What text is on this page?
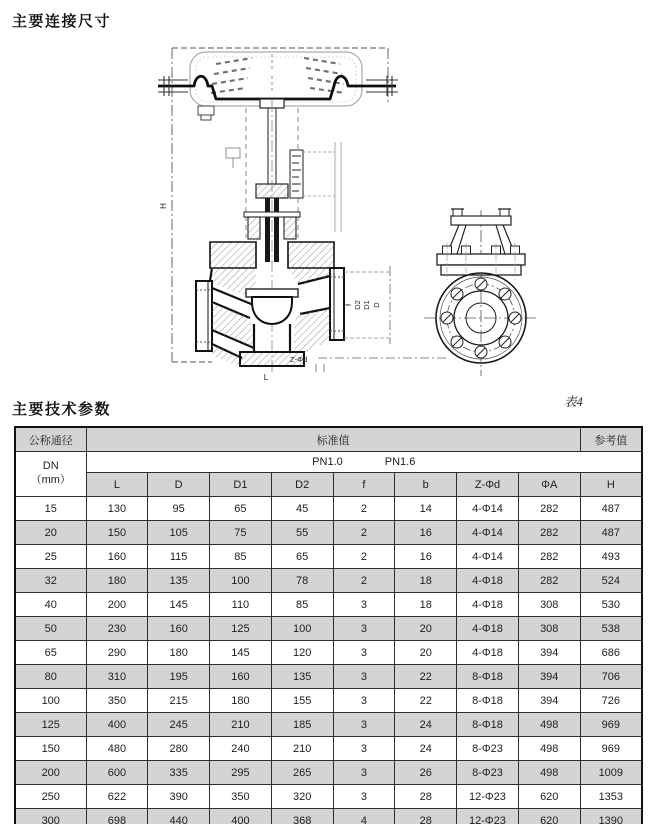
主要连接尺寸
f D2 D1 D
Z-Φd
L
H
主要技术参数	表4
公称通径	标准值								参考值

DN
（mm）	PN1.0 PN1.6								
	L	D	D1	D2	f	b	Z-Φd	ΦA	H
15	130	95	65	45	2	14	4-Φ14	282	487
20	150	105	75	55	2	16	4-Φ14	282	487
25	160	115	85	65	2	16	4-Φ14	282	493
32	180	135	100	78	2	18	4-Φ18	282	524
40	200	145	110	85	3	18	4-Φ18	308	530
50	230	160	125	100	3	20	4-Φ18	308	538
65	290	180	145	120	3	20	4-Φ18	394	686
80	310	195	160	135	3	22	8-Φ18	394	706
100	350	215	180	155	3	22	8-Φ18	394	726
125	400	245	210	185	3	24	8-Φ18	498	969
150	480	280	240	210	3	24	8-Φ23	498	969
200	600	335	295	265	3	26	8-Φ23	498	1009
250	622	390	350	320	3	28	12-Φ23	620	1353
300	698	440	400	368	4	28	12-Φ23	620	1390
